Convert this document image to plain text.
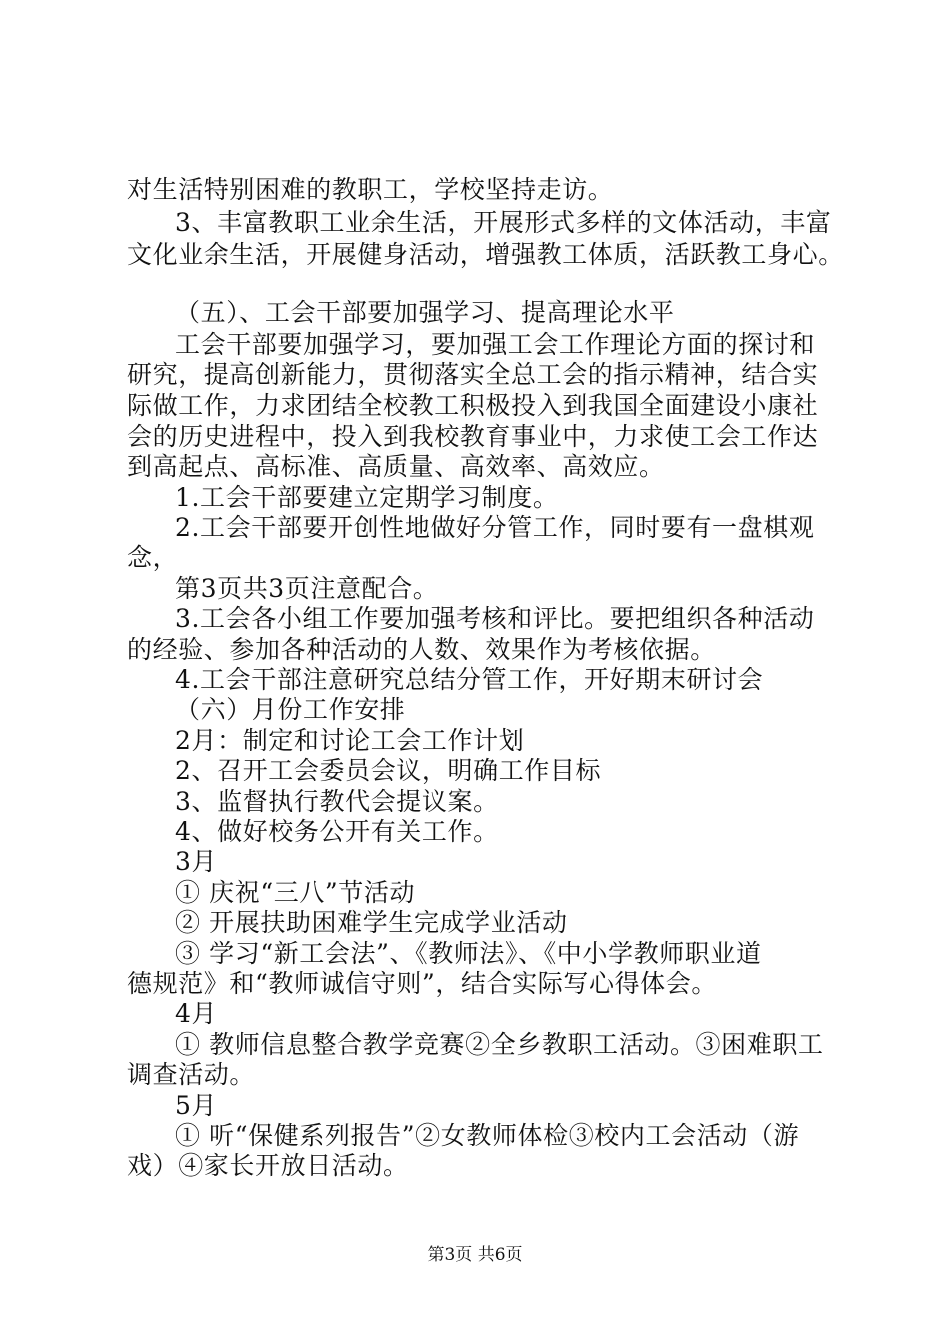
对生活特别困难的教职工，学校坚持走访。
3、丰富教职工业余生活，开展形式多样的文体活动，丰富
文化业余生活，开展健身活动，增强教工体质，活跃教工身心。
（五）、工会干部要加强学习、提高理论水平
工会干部要加强学习，要加强工会工作理论方面的探讨和
研究，提高创新能力，贯彻落实全总工会的指示精神，结合实
际做工作，力求团结全校教工积极投入到我国全面建设小康社
会的历史进程中，投入到我校教育事业中，力求使工会工作达
到高起点、高标准、高质量、高效率、高效应。
1.工会干部要建立定期学习制度。
2.工会干部要开创性地做好分管工作，同时要有一盘棋观
念，
第3页共3页注意配合。
3.工会各小组工作要加强考核和评比。要把组织各种活动
的经验、参加各种活动的人数、效果作为考核依据。
4.工会干部注意研究总结分管工作，开好期末研讨会
（六）月份工作安排
2月：制定和讨论工会工作计划
2、召开工会委员会议，明确工作目标
3、监督执行教代会提议案。
4、做好校务公开有关工作。
3月
① 庆祝“三八”节活动
② 开展扶助困难学生完成学业活动
③ 学习“新工会法”、《教师法》、《中小学教师职业道
德规范》和“教师诚信守则”，结合实际写心得体会。
4月
① 教师信息整合教学竞赛②全乡教职工活动。③困难职工
调查活动。
5月
① 听“保健系列报告”②女教师体检③校内工会活动（游
戏）④家长开放日活动。
第3页 共6页
